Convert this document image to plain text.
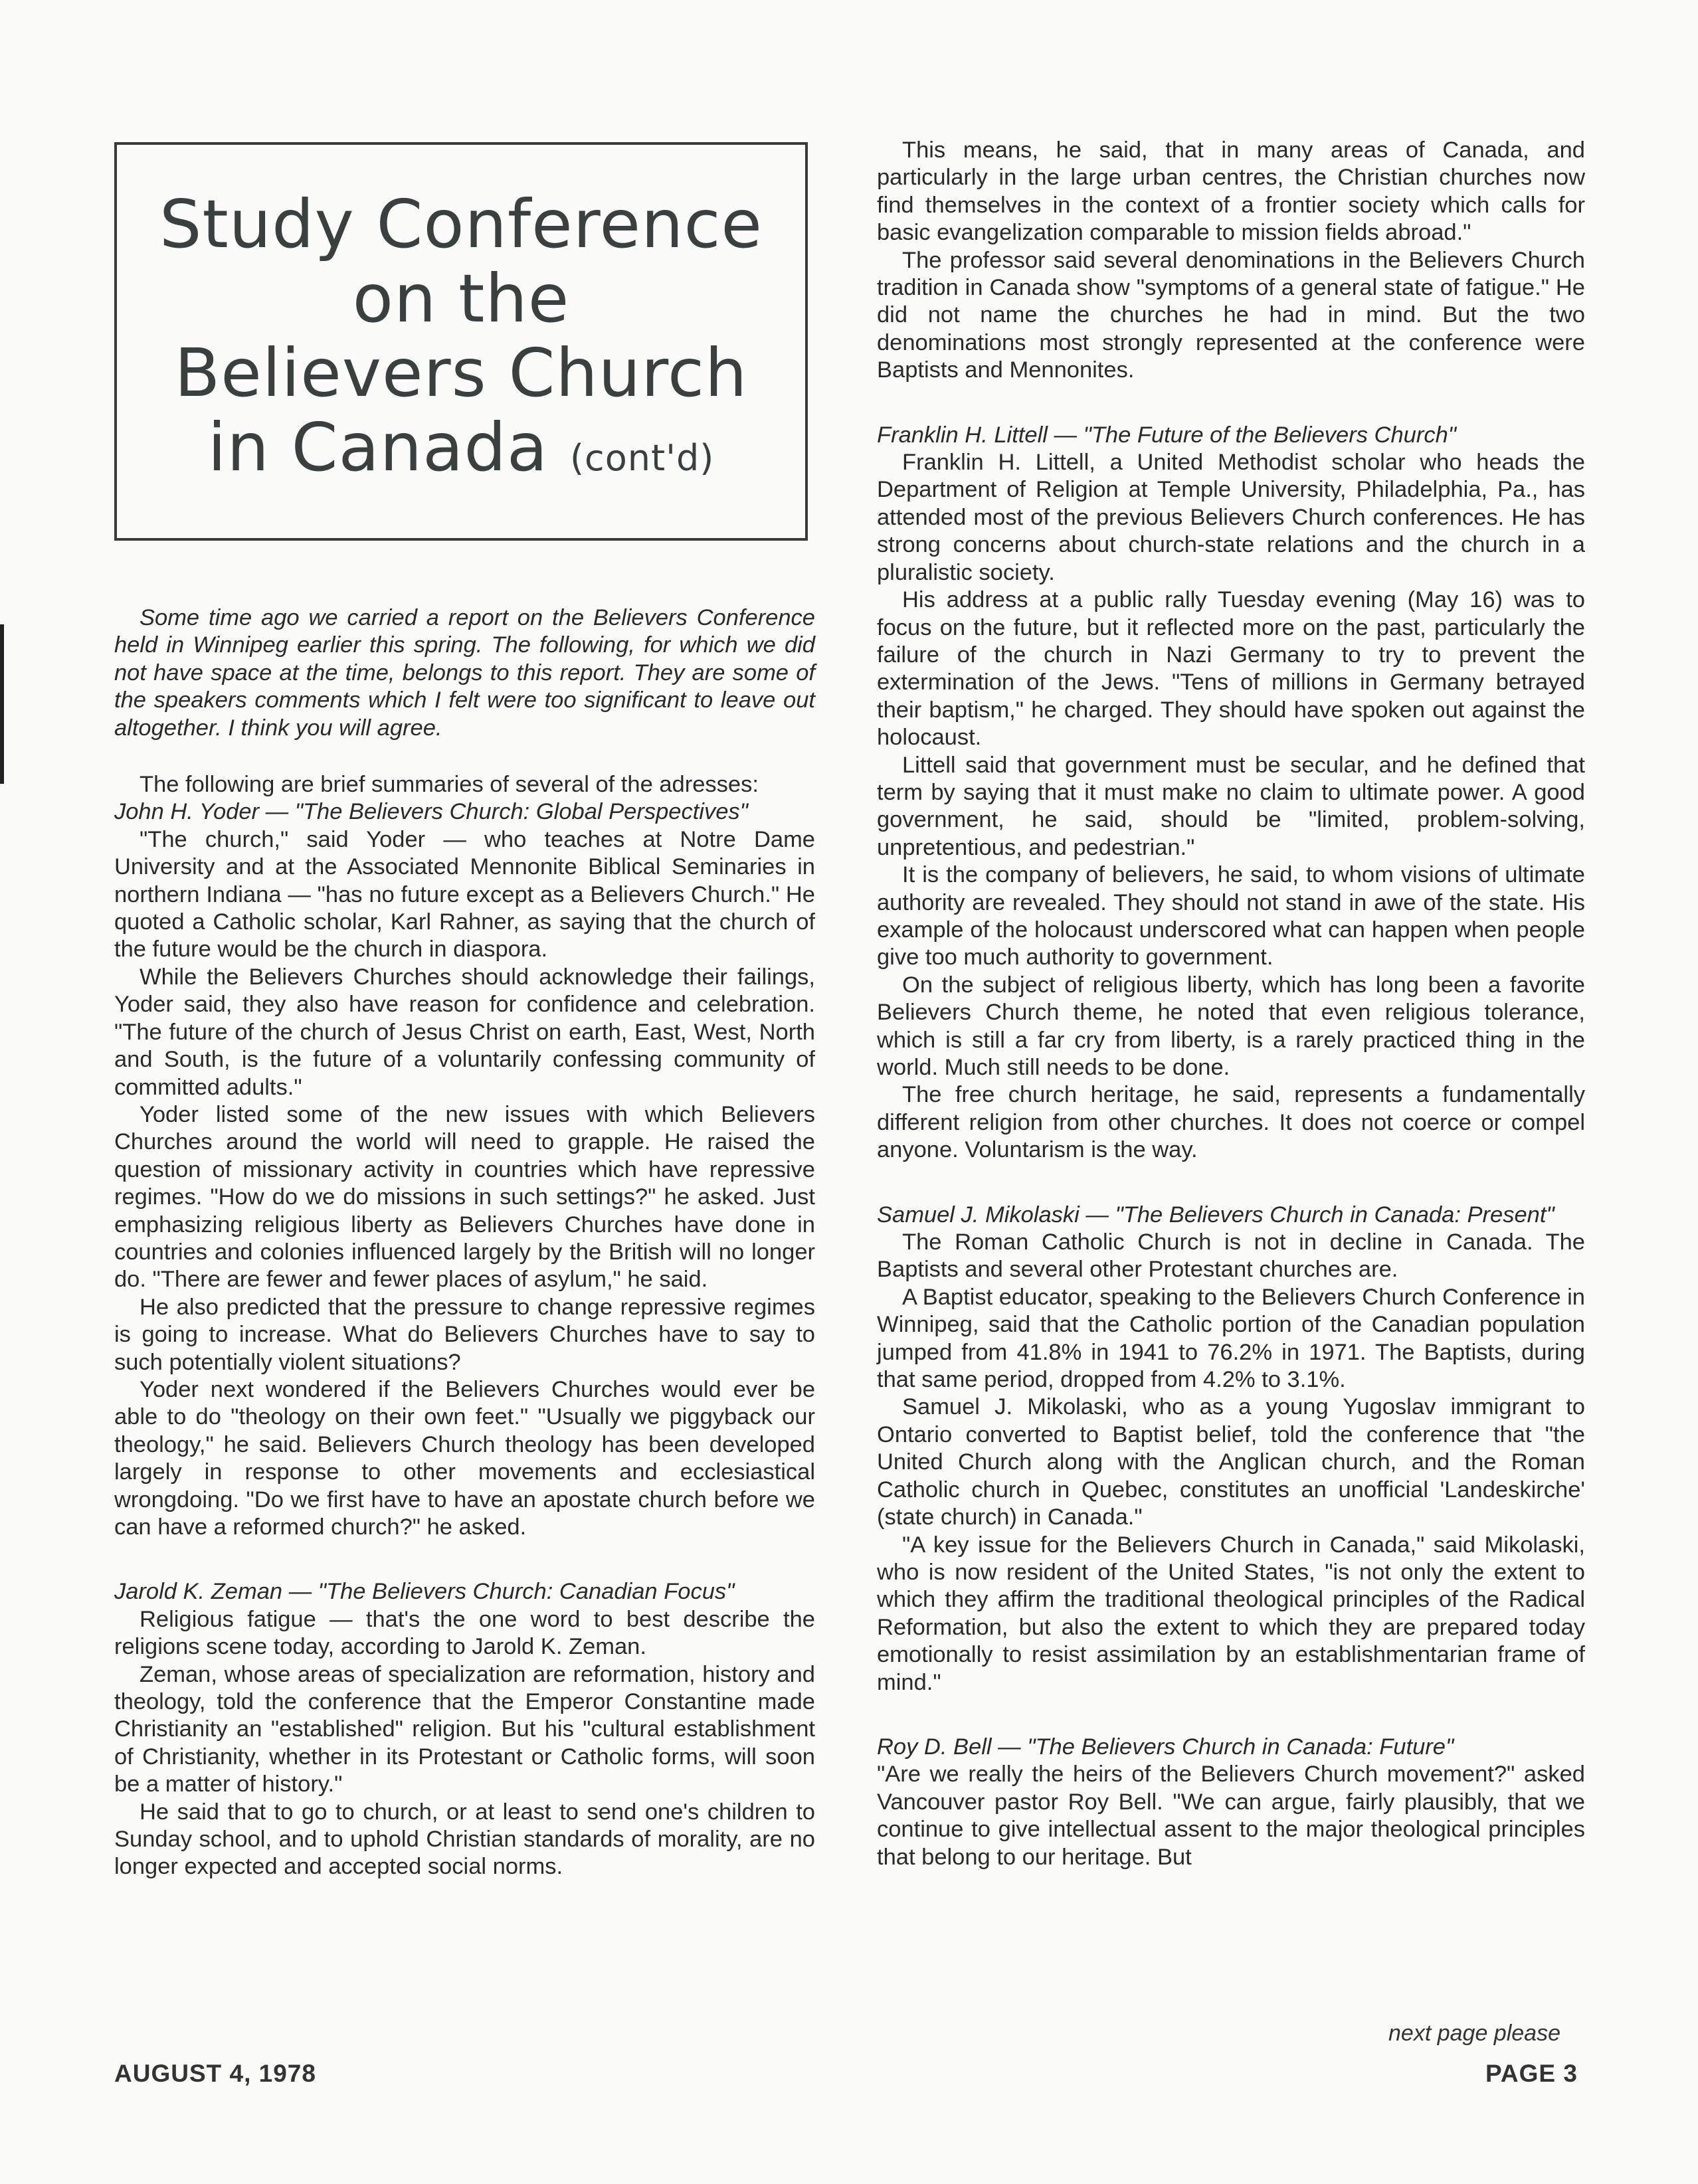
Study Conference
on the
Believers Church
in Canada (cont'd)

Some time ago we carried a report on the Believers Conference held in Winnipeg earlier this spring. The following, for which we did not have space at the time, belongs to this report. They are some of the speakers comments which I felt were too significant to leave out altogether. I think you will agree.

The following are brief summaries of several of the adresses:

John H. Yoder — "The Believers Church: Global Perspectives"

"The church," said Yoder — who teaches at Notre Dame University and at the Associated Mennonite Biblical Seminaries in northern Indiana — "has no future except as a Believers Church." He quoted a Catholic scholar, Karl Rahner, as saying that the church of the future would be the church in diaspora.

While the Believers Churches should acknowledge their failings, Yoder said, they also have reason for confidence and celebration. "The future of the church of Jesus Christ on earth, East, West, North and South, is the future of a voluntarily confessing community of committed adults."

Yoder listed some of the new issues with which Believers Churches around the world will need to grapple. He raised the question of missionary activity in countries which have repressive regimes. "How do we do missions in such settings?" he asked. Just emphasizing religious liberty as Believers Churches have done in countries and colonies influenced largely by the British will no longer do. "There are fewer and fewer places of asylum," he said.

He also predicted that the pressure to change repressive regimes is going to increase. What do Believers Churches have to say to such potentially violent situations?

Yoder next wondered if the Believers Churches would ever be able to do "theology on their own feet." "Usually we piggyback our theology," he said. Believers Church theology has been developed largely in response to other movements and ecclesiastical wrongdoing. "Do we first have to have an apostate church before we can have a reformed church?" he asked.

Jarold K. Zeman — "The Believers Church: Canadian Focus"

Religious fatigue — that's the one word to best describe the religions scene today, according to Jarold K. Zeman.

Zeman, whose areas of specialization are reformation, history and theology, told the conference that the Emperor Constantine made Christianity an "established" religion. But his "cultural establishment of Christianity, whether in its Protestant or Catholic forms, will soon be a matter of history."

He said that to go to church, or at least to send one's children to Sunday school, and to uphold Christian standards of morality, are no longer expected and accepted social norms.

This means, he said, that in many areas of Canada, and particularly in the large urban centres, the Christian churches now find themselves in the context of a frontier society which calls for basic evangelization comparable to mission fields abroad."

The professor said several denominations in the Believers Church tradition in Canada show "symptoms of a general state of fatigue." He did not name the churches he had in mind. But the two denominations most strongly represented at the conference were Baptists and Mennonites.

Franklin H. Littell — "The Future of the Believers Church"

Franklin H. Littell, a United Methodist scholar who heads the Department of Religion at Temple University, Philadelphia, Pa., has attended most of the previous Believers Church conferences. He has strong concerns about church-state relations and the church in a pluralistic society.

His address at a public rally Tuesday evening (May 16) was to focus on the future, but it reflected more on the past, particularly the failure of the church in Nazi Germany to try to prevent the extermination of the Jews. "Tens of millions in Germany betrayed their baptism," he charged. They should have spoken out against the holocaust.

Littell said that government must be secular, and he defined that term by saying that it must make no claim to ultimate power. A good government, he said, should be "limited, problem-solving, unpretentious, and pedestrian."

It is the company of believers, he said, to whom visions of ultimate authority are revealed. They should not stand in awe of the state. His example of the holocaust underscored what can happen when people give too much authority to government.

On the subject of religious liberty, which has long been a favorite Believers Church theme, he noted that even religious tolerance, which is still a far cry from liberty, is a rarely practiced thing in the world. Much still needs to be done.

The free church heritage, he said, represents a fundamentally different religion from other churches. It does not coerce or compel anyone. Voluntarism is the way.

Samuel J. Mikolaski — "The Believers Church in Canada: Present"

The Roman Catholic Church is not in decline in Canada. The Baptists and several other Protestant churches are.

A Baptist educator, speaking to the Believers Church Conference in Winnipeg, said that the Catholic portion of the Canadian population jumped from 41.8% in 1941 to 76.2% in 1971. The Baptists, during that same period, dropped from 4.2% to 3.1%.

Samuel J. Mikolaski, who as a young Yugoslav immigrant to Ontario converted to Baptist belief, told the conference that "the United Church along with the Anglican church, and the Roman Catholic church in Quebec, constitutes an unofficial 'Landeskirche' (state church) in Canada."

"A key issue for the Believers Church in Canada," said Mikolaski, who is now resident of the United States, "is not only the extent to which they affirm the traditional theological principles of the Radical Reformation, but also the extent to which they are prepared today emotionally to resist assimilation by an establishmentarian frame of mind."

Roy D. Bell — "The Believers Church in Canada: Future"

"Are we really the heirs of the Believers Church movement?" asked Vancouver pastor Roy Bell. "We can argue, fairly plausibly, that we continue to give intellectual assent to the major theological principles that belong to our heritage. But

next page please
AUGUST 4, 1978	PAGE 3
